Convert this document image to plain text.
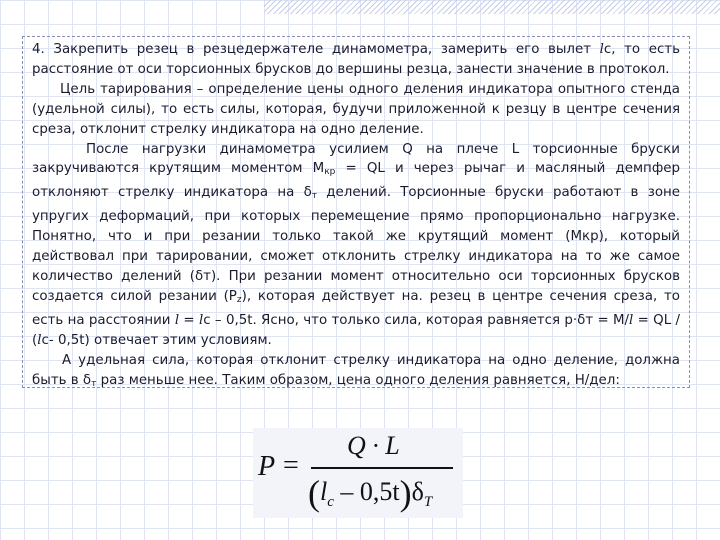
4. Закрепить резец в резцедержателе динамометра, замерить его вылет lc, то есть расстояние от оси торсионных брусков до вершины резца, занести значение в протокол.

Цель тарирования – определение цены одного деления индикатора опытного стенда (удельной силы), то есть силы, которая, будучи приложенной к резцу в центре сечения среза, отклонит стрелку индикатора на одно деление.

После нагрузки динамометра усилием Q на плече L торсионные бруски закручиваются крутящим моментом $М_{кр}$ = QL и через рычаг и масляный демпфер отклоняют стрелку индикатора на $\delta_т$ делений. Торсионные бруски работают в зоне упругих деформаций, при которых перемещение прямо пропорционально нагрузке. Понятно, что и при резании только такой же крутящий момент (Мкр), который действовал при тарировании, сможет отклонить стрелку индикатора на то же самое количество делений (δт). При резании момент относительно оси торсионных брусков создается силой резании $(Р_z)$, которая действует на. резец в центре сечения среза, то есть на расстоянии l = lc – 0,5t. Ясно, что только сила, которая равняется р·δт = М/l = QL / (lc- 0,5t) отвечает этим условиям.

А удельная сила, которая отклонит стрелку индикатора на одно деление, должна быть в $\delta_т$ раз меньше нее. Таким образом, цена одного деления равняется, Н/дел:

P =
Q · L
$(l_c - 0,5t)\delta_T$
